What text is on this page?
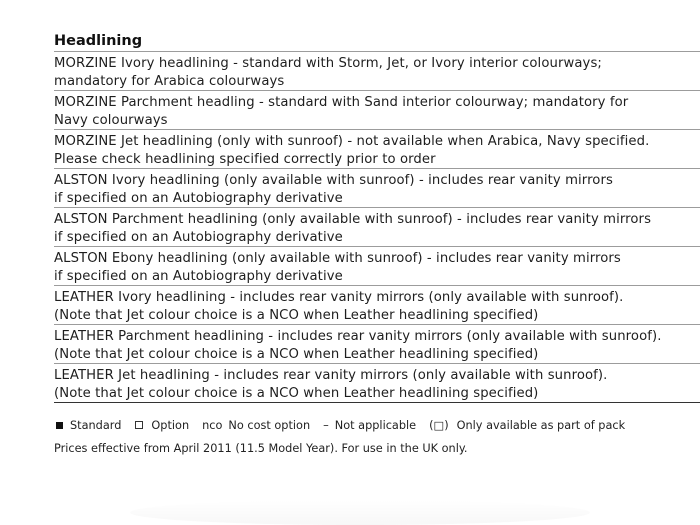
Headlining
MORZINE Ivory headlining - standard with Storm, Jet, or Ivory interior colourways;
mandatory for Arabica colourways
MORZINE Parchment headling - standard with Sand interior colourway; mandatory for
Navy colourways
MORZINE Jet headlining (only with sunroof) - not available when Arabica, Navy specified.
Please check headlining specified correctly prior to order
ALSTON Ivory headlining (only available with sunroof) - includes rear vanity mirrors
if specified on an Autobiography derivative
ALSTON Parchment headlining (only available with sunroof) - includes rear vanity mirrors
if specified on an Autobiography derivative
ALSTON Ebony headlining (only available with sunroof) - includes rear vanity mirrors
if specified on an Autobiography derivative
LEATHER Ivory headlining - includes rear vanity mirrors (only available with sunroof).
(Note that Jet colour choice is a NCO when Leather headlining specified)
LEATHER Parchment headlining - includes rear vanity mirrors (only available with sunroof).
(Note that Jet colour choice is a NCO when Leather headlining specified)
LEATHER Jet headlining - includes rear vanity mirrors (only available with sunroof).
(Note that Jet colour choice is a NCO when Leather headlining specified)
Standard	Option nco No cost option – Not applicable (□) Only available as part of pack
Prices effective from April 2011 (11.5 Model Year). For use in the UK only.
